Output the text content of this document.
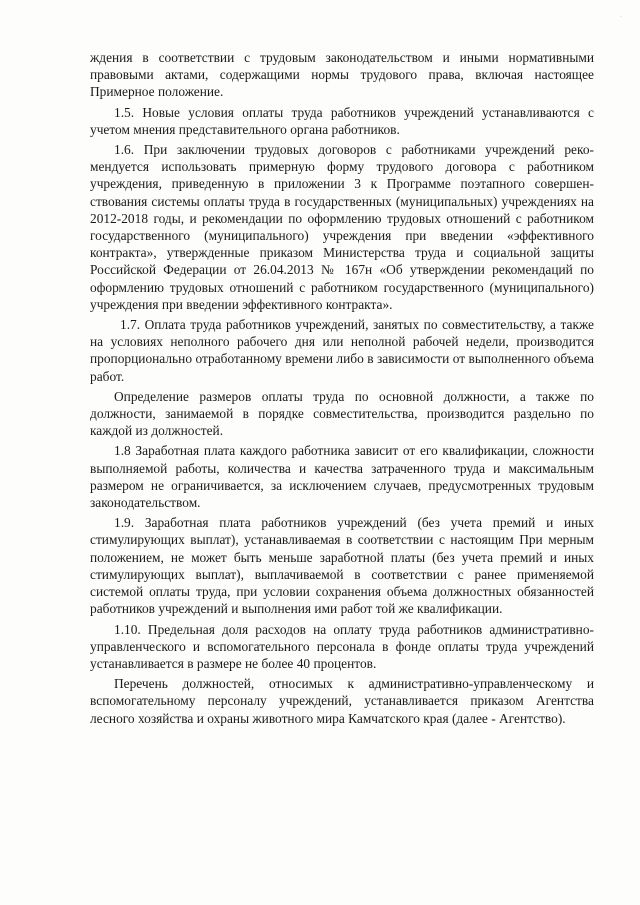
·

ждения в соответствии с трудовым законодательством и иными нормативными правовыми актами, содержащими нормы трудового права, включая настоящее Примерное положение.

1.5. Новые условия оплаты труда работников учреждений устанавливаются с учетом мнения представительного органа работников.

1.6. При заключении трудовых договоров с работниками учреждений рекомендуется использовать примерную форму трудового договора с работником учреждения, приведенную в приложении 3 к Программе поэтапного совершенствования системы оплаты труда в государственных (муниципальных) учреждениях на 2012-2018 годы, и рекомендации по оформлению трудовых отношений с работником государственного (муниципального) учреждения при введении «эффективного контракта», утвержденные приказом Министерства труда и социальной защиты Российской Федерации от 26.04.2013 № 167н «Об утверждении рекомендаций по оформлению трудовых отношений с работником государственного (муниципального) учреждения при введении эффективного контракта».

1.7. Оплата труда работников учреждений, занятых по совместительству, а также на условиях неполного рабочего дня или неполной рабочей недели, производится пропорционально отработанному времени либо в зависимости от выполненного объема работ.

Определение размеров оплаты труда по основной должности, а также по должности, занимаемой в порядке совместительства, производится раздельно по каждой из должностей.

1.8 Заработная плата каждого работника зависит от его квалификации, сложности выполняемой работы, количества и качества затраченного труда и максимальным размером не ограничивается, за исключением случаев, предусмотренных трудовым законодательством.

1.9. Заработная плата работников учреждений (без учета премий и иных стимулирующих выплат), устанавливаемая в соответствии с настоящим При мерным положением, не может быть меньше заработной платы (без учета премий и иных стимулирующих выплат), выплачиваемой в соответствии с ранее применяемой системой оплаты труда, при условии сохранения объема должностных обязанностей работников учреждений и выполнения ими работ той же квалификации.

1.10. Предельная доля расходов на оплату труда работников административно-управленческого и вспомогательного персонала в фонде оплаты труда учреждений устанавливается в размере не более 40 процентов.

Перечень должностей, относимых к административно-управленческому и вспомогательному персоналу учреждений, устанавливается приказом Агентства лесного хозяйства и охраны животного мира Камчатского края (далее - Агентство).
